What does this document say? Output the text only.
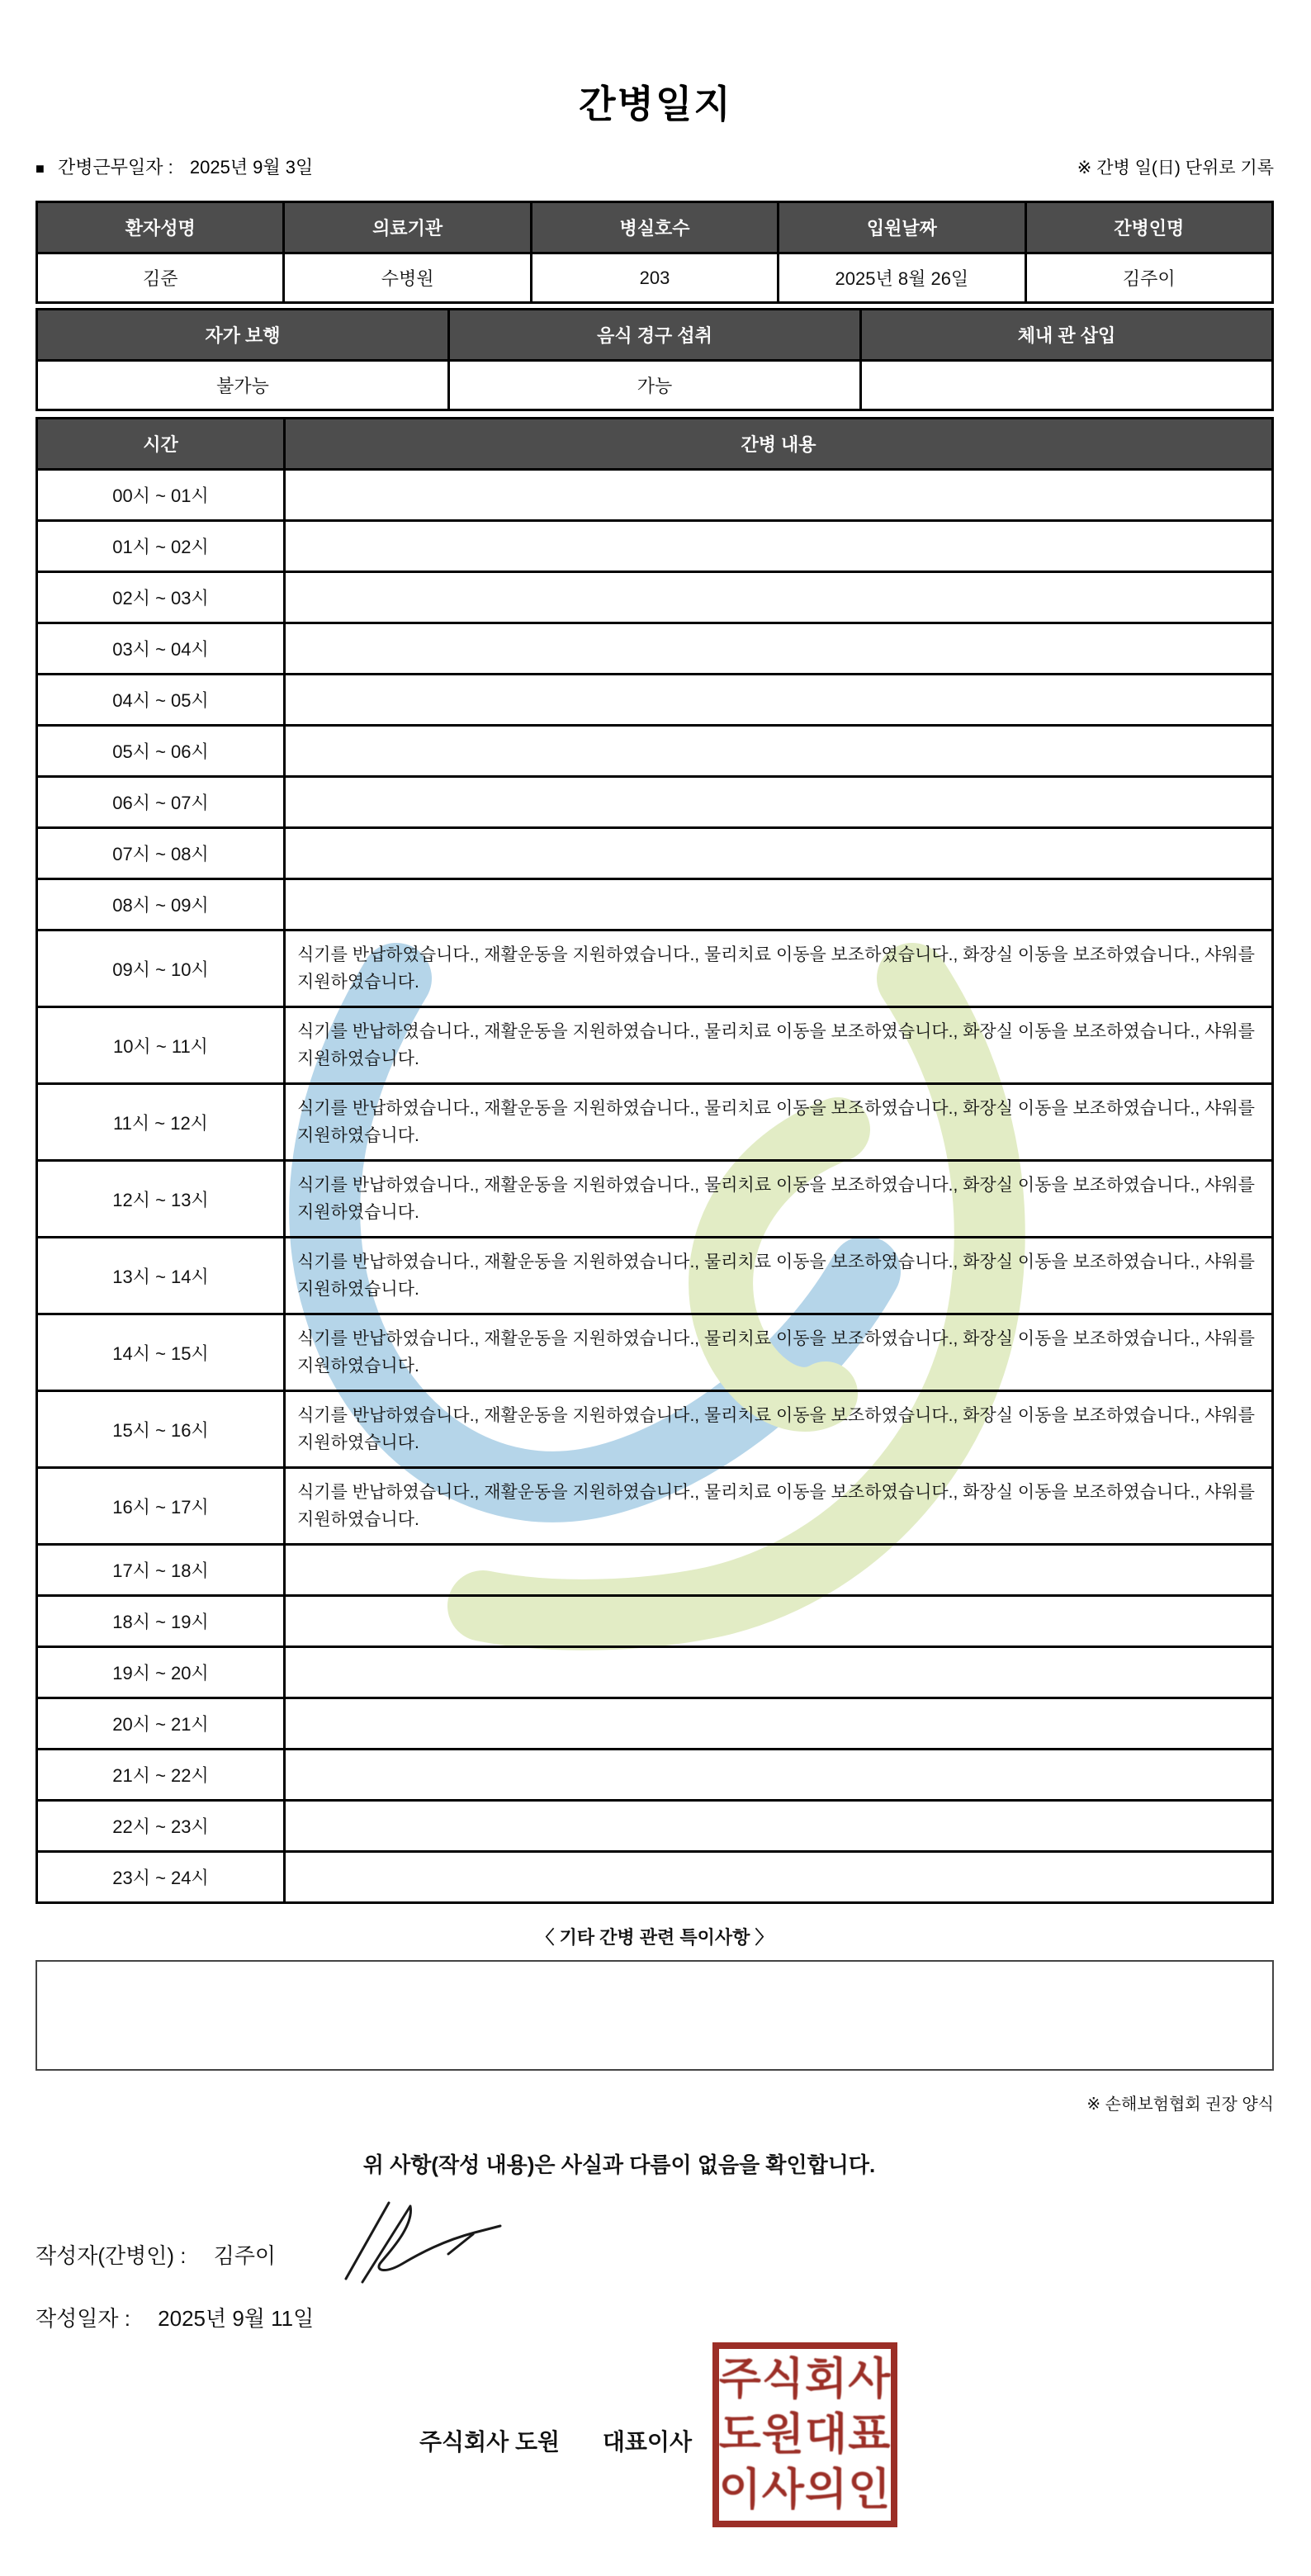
간병일지
■ 간병근무일자 : 2025년 9월 3일	※ 간병 일(日) 단위로 기록
환자성명	의료기관	병실호수	입원날짜	간병인명
김준	수병원	203	2025년 8월 26일	김주이
자가 보행	음식 경구 섭취	체내 관 삽입
불가능	가능	
시간	간병 내용
00시 ~ 01시	
01시 ~ 02시	
02시 ~ 03시	
03시 ~ 04시	
04시 ~ 05시	
05시 ~ 06시	
06시 ~ 07시	
07시 ~ 08시	
08시 ~ 09시	
09시 ~ 10시	식기를 반납하였습니다., 재활운동을 지원하였습니다., 물리치료 이동을 보조하였습니다., 화장실 이동을 보조하였습니다., 샤워를 지원하였습니다.
10시 ~ 11시	식기를 반납하였습니다., 재활운동을 지원하였습니다., 물리치료 이동을 보조하였습니다., 화장실 이동을 보조하였습니다., 샤워를 지원하였습니다.
11시 ~ 12시	식기를 반납하였습니다., 재활운동을 지원하였습니다., 물리치료 이동을 보조하였습니다., 화장실 이동을 보조하였습니다., 샤워를 지원하였습니다.
12시 ~ 13시	식기를 반납하였습니다., 재활운동을 지원하였습니다., 물리치료 이동을 보조하였습니다., 화장실 이동을 보조하였습니다., 샤워를 지원하였습니다.
13시 ~ 14시	식기를 반납하였습니다., 재활운동을 지원하였습니다., 물리치료 이동을 보조하였습니다., 화장실 이동을 보조하였습니다., 샤워를 지원하였습니다.
14시 ~ 15시	식기를 반납하였습니다., 재활운동을 지원하였습니다., 물리치료 이동을 보조하였습니다., 화장실 이동을 보조하였습니다., 샤워를 지원하였습니다.
15시 ~ 16시	식기를 반납하였습니다., 재활운동을 지원하였습니다., 물리치료 이동을 보조하였습니다., 화장실 이동을 보조하였습니다., 샤워를 지원하였습니다.
16시 ~ 17시	식기를 반납하였습니다., 재활운동을 지원하였습니다., 물리치료 이동을 보조하였습니다., 화장실 이동을 보조하였습니다., 샤워를 지원하였습니다.
17시 ~ 18시	
18시 ~ 19시	
19시 ~ 20시	
20시 ~ 21시	
21시 ~ 22시	
22시 ~ 23시	
23시 ~ 24시	
〈 기타 간병 관련 특이사항 〉
※ 손해보험협회 권장 양식
위 사항(작성 내용)은 사실과 다름이 없음을 확인합니다.
작성자(간병인) : 김주이
작성일자 : 2025년 9월 11일
주식회사 도원 대표이사
주식회사
도원대표
이사의인
